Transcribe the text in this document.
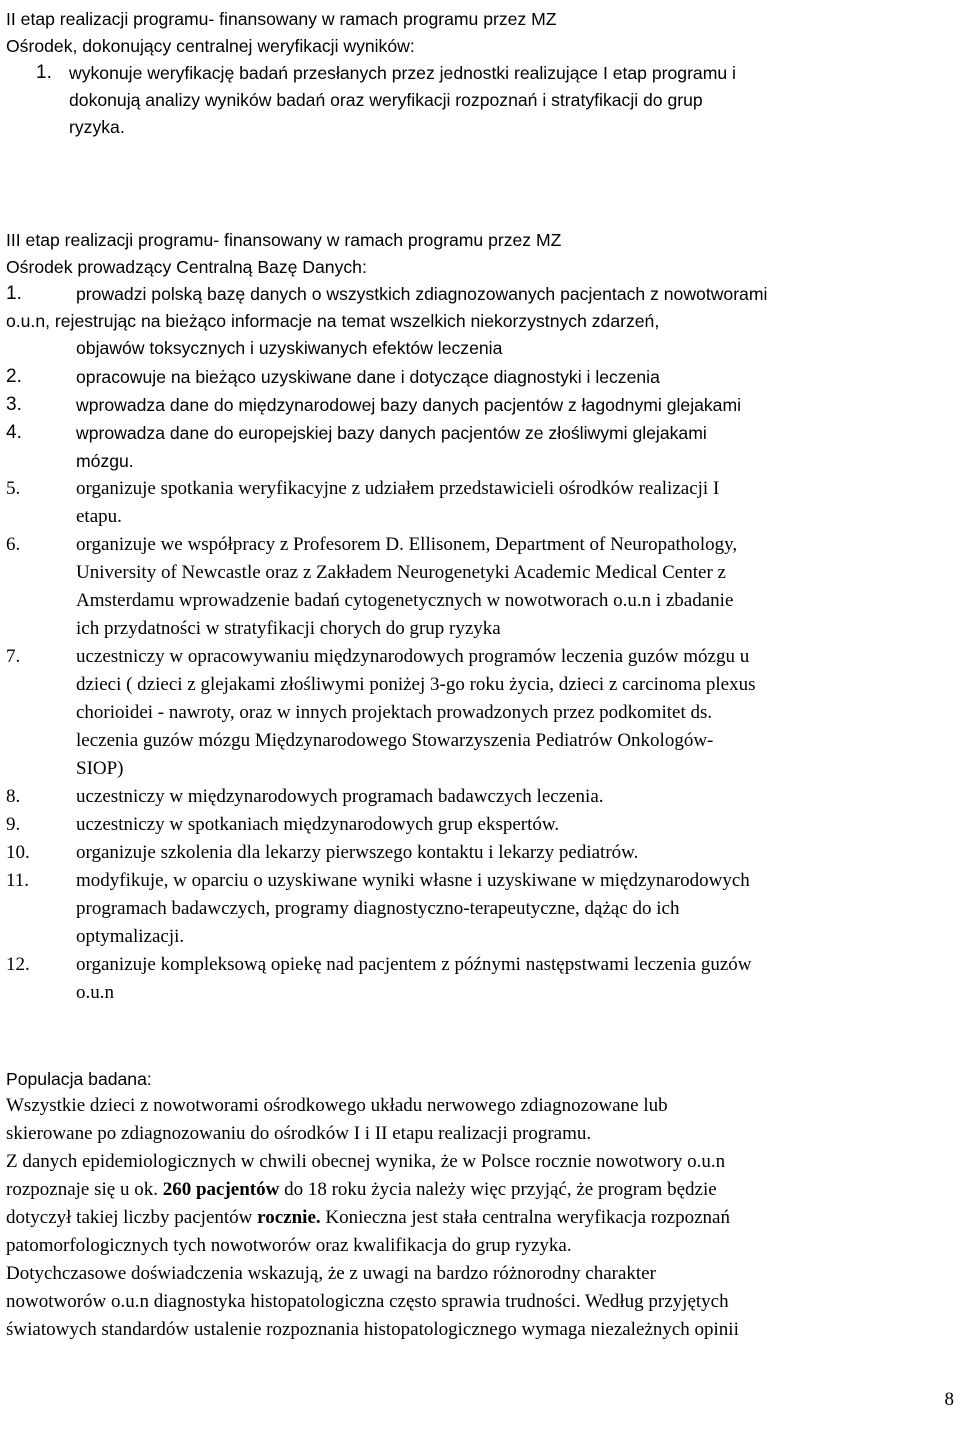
II etap realizacji programu- finansowany w ramach programu przez MZ
Ośrodek, dokonujący centralnej weryfikacji wyników:
1. wykonuje weryfikację badań przesłanych przez jednostki realizujące I etap programu i
dokonują analizy wyników badań oraz weryfikacji rozpoznań i stratyfikacji do grup
ryzyka.
III etap realizacji programu- finansowany w ramach programu przez MZ
Ośrodek prowadzący Centralną Bazę Danych:
1.	prowadzi polską bazę danych o wszystkich zdiagnozowanych pacjentach z nowotworami
o.u.n, rejestrując na bieżąco informacje na temat wszelkich niekorzystnych zdarzeń,
objawów toksycznych i uzyskiwanych efektów leczenia
2.	opracowuje na bieżąco uzyskiwane dane i dotyczące diagnostyki i leczenia
3.	wprowadza dane do międzynarodowej bazy danych pacjentów z łagodnymi glejakami
4.	wprowadza dane do europejskiej bazy danych pacjentów ze złośliwymi glejakami
mózgu.
5.	organizuje spotkania weryfikacyjne z udziałem przedstawicieli ośrodków realizacji I
etapu.
6.	organizuje we współpracy z Profesorem D. Ellisonem, Department of Neuropathology,
University of Newcastle oraz z Zakładem Neurogenetyki Academic Medical Center z
Amsterdamu wprowadzenie badań cytogenetycznych w nowotworach o.u.n i zbadanie
ich przydatności w stratyfikacji chorych do grup ryzyka
7.	uczestniczy w opracowywaniu międzynarodowych programów leczenia guzów mózgu u
dzieci ( dzieci z glejakami złośliwymi poniżej 3-go roku życia, dzieci z carcinoma plexus
chorioidei - nawroty, oraz w innych projektach prowadzonych przez podkomitet ds.
leczenia guzów mózgu Międzynarodowego Stowarzyszenia Pediatrów Onkologów-
SIOP)
8.	uczestniczy w międzynarodowych programach badawczych leczenia.
9.	uczestniczy w spotkaniach międzynarodowych grup ekspertów.
10. organizuje szkolenia dla lekarzy pierwszego kontaktu i lekarzy pediatrów.
11. modyfikuje, w oparciu o uzyskiwane wyniki własne i uzyskiwane w międzynarodowych
programach badawczych, programy diagnostyczno-terapeutyczne, dążąc do ich
optymalizacji.
12. organizuje kompleksową opiekę nad pacjentem z późnymi następstwami leczenia guzów
o.u.n
Populacja badana:
Wszystkie dzieci z nowotworami ośrodkowego układu nerwowego zdiagnozowane lub
skierowane po zdiagnozowaniu do ośrodków I i II etapu realizacji programu.
Z danych epidemiologicznych w chwili obecnej wynika, że w Polsce rocznie nowotwory o.u.n
rozpoznaje się u ok. 260 pacjentów do 18 roku życia należy więc przyjąć, że program będzie
dotyczył takiej liczby pacjentów rocznie. Konieczna jest stała centralna weryfikacja rozpoznań
patomorfologicznych tych nowotworów oraz kwalifikacja do grup ryzyka.
Dotychczasowe doświadczenia wskazują, że z uwagi na bardzo różnorodny charakter
nowotworów o.u.n diagnostyka histopatologiczna często sprawia trudności. Według przyjętych
światowych standardów ustalenie rozpoznania histopatologicznego wymaga niezależnych opinii
8
